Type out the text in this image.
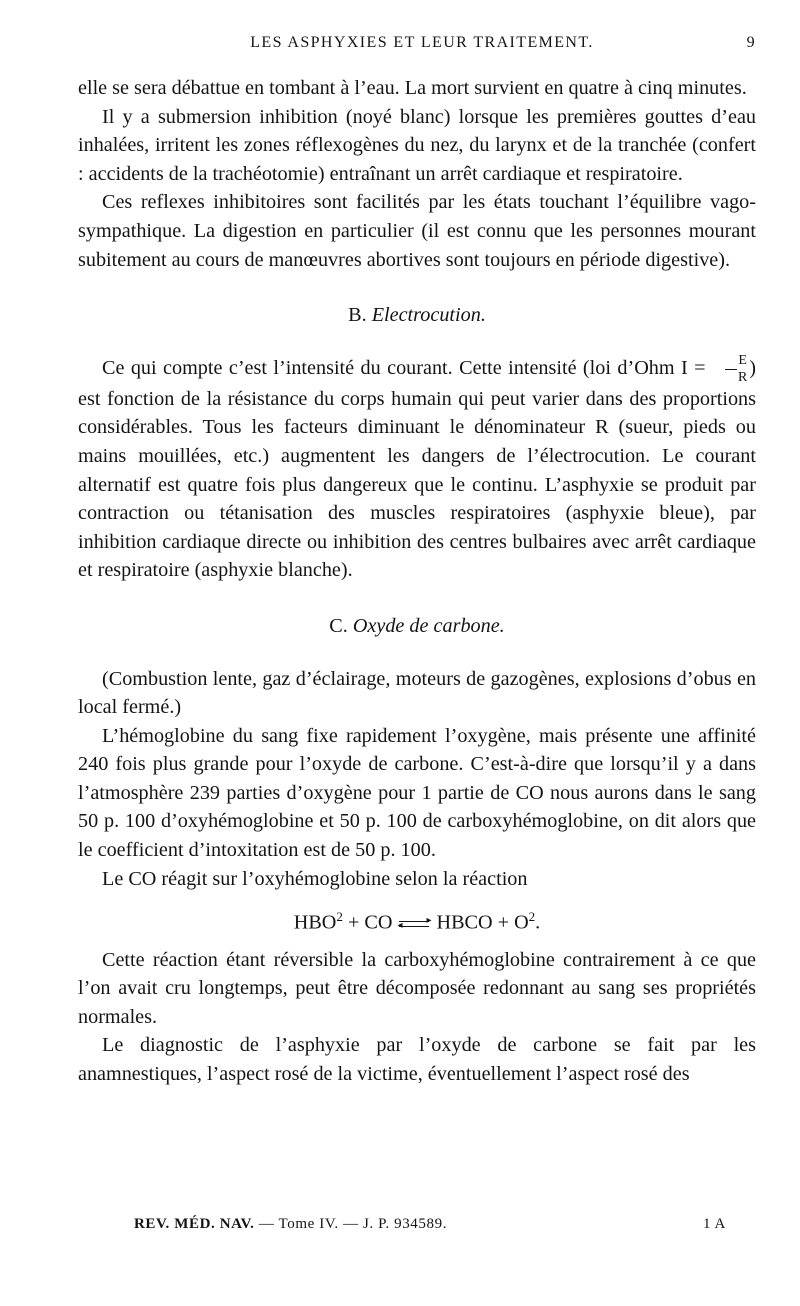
LES ASPHYXIES ET LEUR TRAITEMENT.	9

elle se sera débattue en tombant à l’eau. La mort survient en quatre à cinq minutes.

Il y a submersion inhibition (noyé blanc) lorsque les premières gouttes d’eau inhalées, irritent les zones réflexogènes du nez, du larynx et de la tranchée (confert : accidents de la trachéotomie) entraînant un arrêt cardiaque et respiratoire.

Ces reflexes inhibitoires sont facilités par les états touchant l’équilibre vago-sympathique. La digestion en particulier (il est connu que les personnes mourant subitement au cours de manœuvres abortives sont toujours en période digestive).

B. Electrocution.

Ce qui compte c’est l’intensité du courant. Cette intensité (loi d’Ohm $I = \frac{E}{R}$ ) est fonction de la résistance du corps humain qui peut varier dans des proportions considérables. Tous les facteurs diminuant le dénominateur R (sueur, pieds ou mains mouillées, etc.) augmentent les dangers de l’électrocution. Le courant alternatif est quatre fois plus dangereux que le continu. L’asphyxie se produit par contraction ou tétanisation des muscles respiratoires (asphyxie bleue), par inhibition cardiaque directe ou inhibition des centres bulbaires avec arrêt cardiaque et respiratoire (asphyxie blanche).

C. Oxyde de carbone.

(Combustion lente, gaz d’éclairage, moteurs de gazogènes, explosions d’obus en local fermé.)

L’hémoglobine du sang fixe rapidement l’oxygène, mais présente une affinité 240 fois plus grande pour l’oxyde de carbone. C’est-à-dire que lorsqu’il y a dans l’atmosphère 239 parties d’oxygène pour 1 partie de CO nous aurons dans le sang 50 p. 100 d’oxyhémoglobine et 50 p. 100 de carboxyhémoglobine, on dit alors que le coefficient d’intoxitation est de 50 p. 100.

Le CO réagit sur l’oxyhémoglobine selon la réaction

$HBO^2$ + CO	▸
◂ HBCO + $O^2$.

Cette réaction étant réversible la carboxyhémoglobine contrairement à ce que l’on avait cru longtemps, peut être décomposée redonnant au sang ses propriétés normales.

Le diagnostic de l’asphyxie par l’oxyde de carbone se fait par les anamnestiques, l’aspect rosé de la victime, éventuellement l’aspect rosé des

REV. MÉD. NAV. — Tome IV. — J. P. 934589.	1 A
